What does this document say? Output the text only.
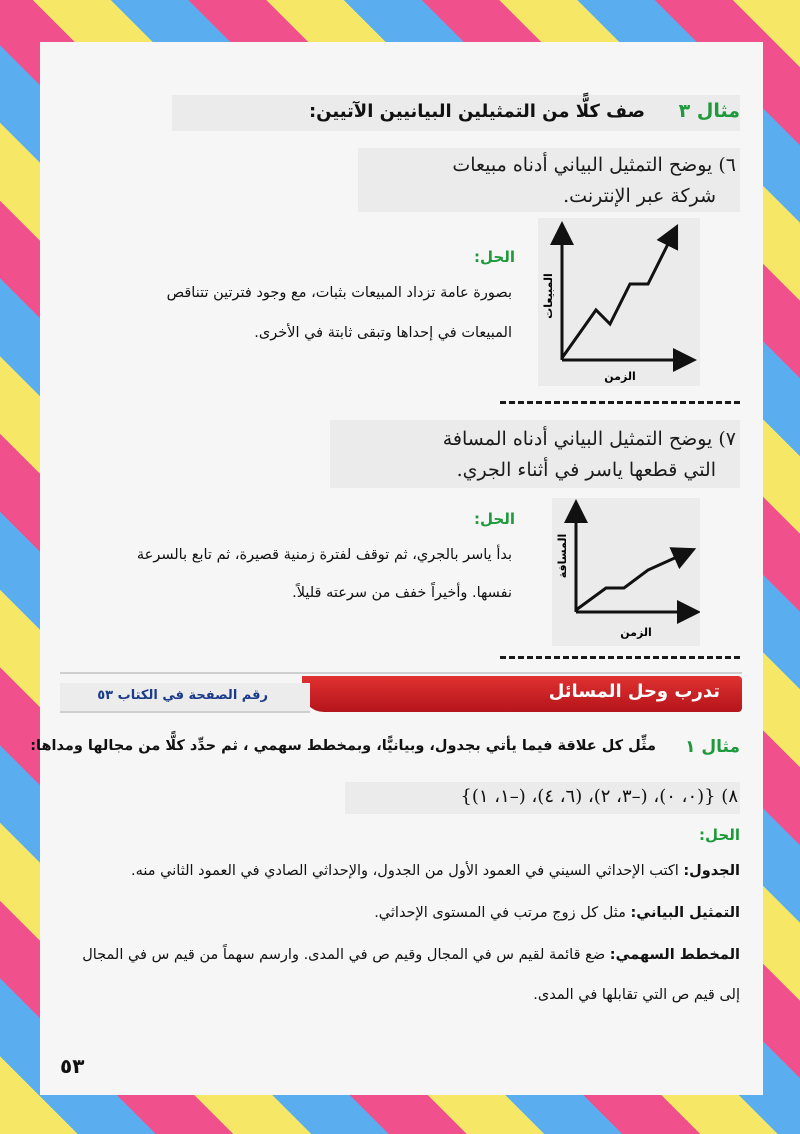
مثال ٣
صف كلًّا من التمثيلين البيانيين الآتيين:
٦) يوضح التمثيل البياني أدناه مبيعات
شركة عبر الإنترنت.
الحل:
بصورة عامة تزداد المبيعات بثبات، مع وجود فترتين تتناقص
المبيعات في إحداها وتبقى ثابتة في الأخرى.
المبيعات
الزمن
٧) يوضح التمثيل البياني أدناه المسافة
التي قطعها ياسر في أثناء الجري.
الحل:
بدأ ياسر بالجري، ثم توقف لفترة زمنية قصيرة، ثم تابع بالسرعة
نفسها. وأخيراً خفف من سرعته قليلاً.
المسافة
الزمن
تدرب وحل المسائل
رقم الصفحة في الكتاب ٥٣
مثال ١
مثِّل كل علاقة فيما يأتي بجدول، وبيانيًّا، وبمخطط سهمي ، ثم حدِّد كلًّا من مجالها ومداها:
٨) {(٠، ٠)، (–٣، ٢)، (٦، ٤)، (–١، ١)}
الحل:
الجدول: اكتب الإحداثي السيني في العمود الأول من الجدول، والإحداثي الصادي في العمود الثاني منه.
التمثيل البياني: مثل كل زوج مرتب في المستوى الإحداثي.
المخطط السهمي: ضع قائمة لقيم س في المجال وقيم ص في المدى. وارسم سهماً من قيم س في المجال
إلى قيم ص التي تقابلها في المدى.
٥٣
